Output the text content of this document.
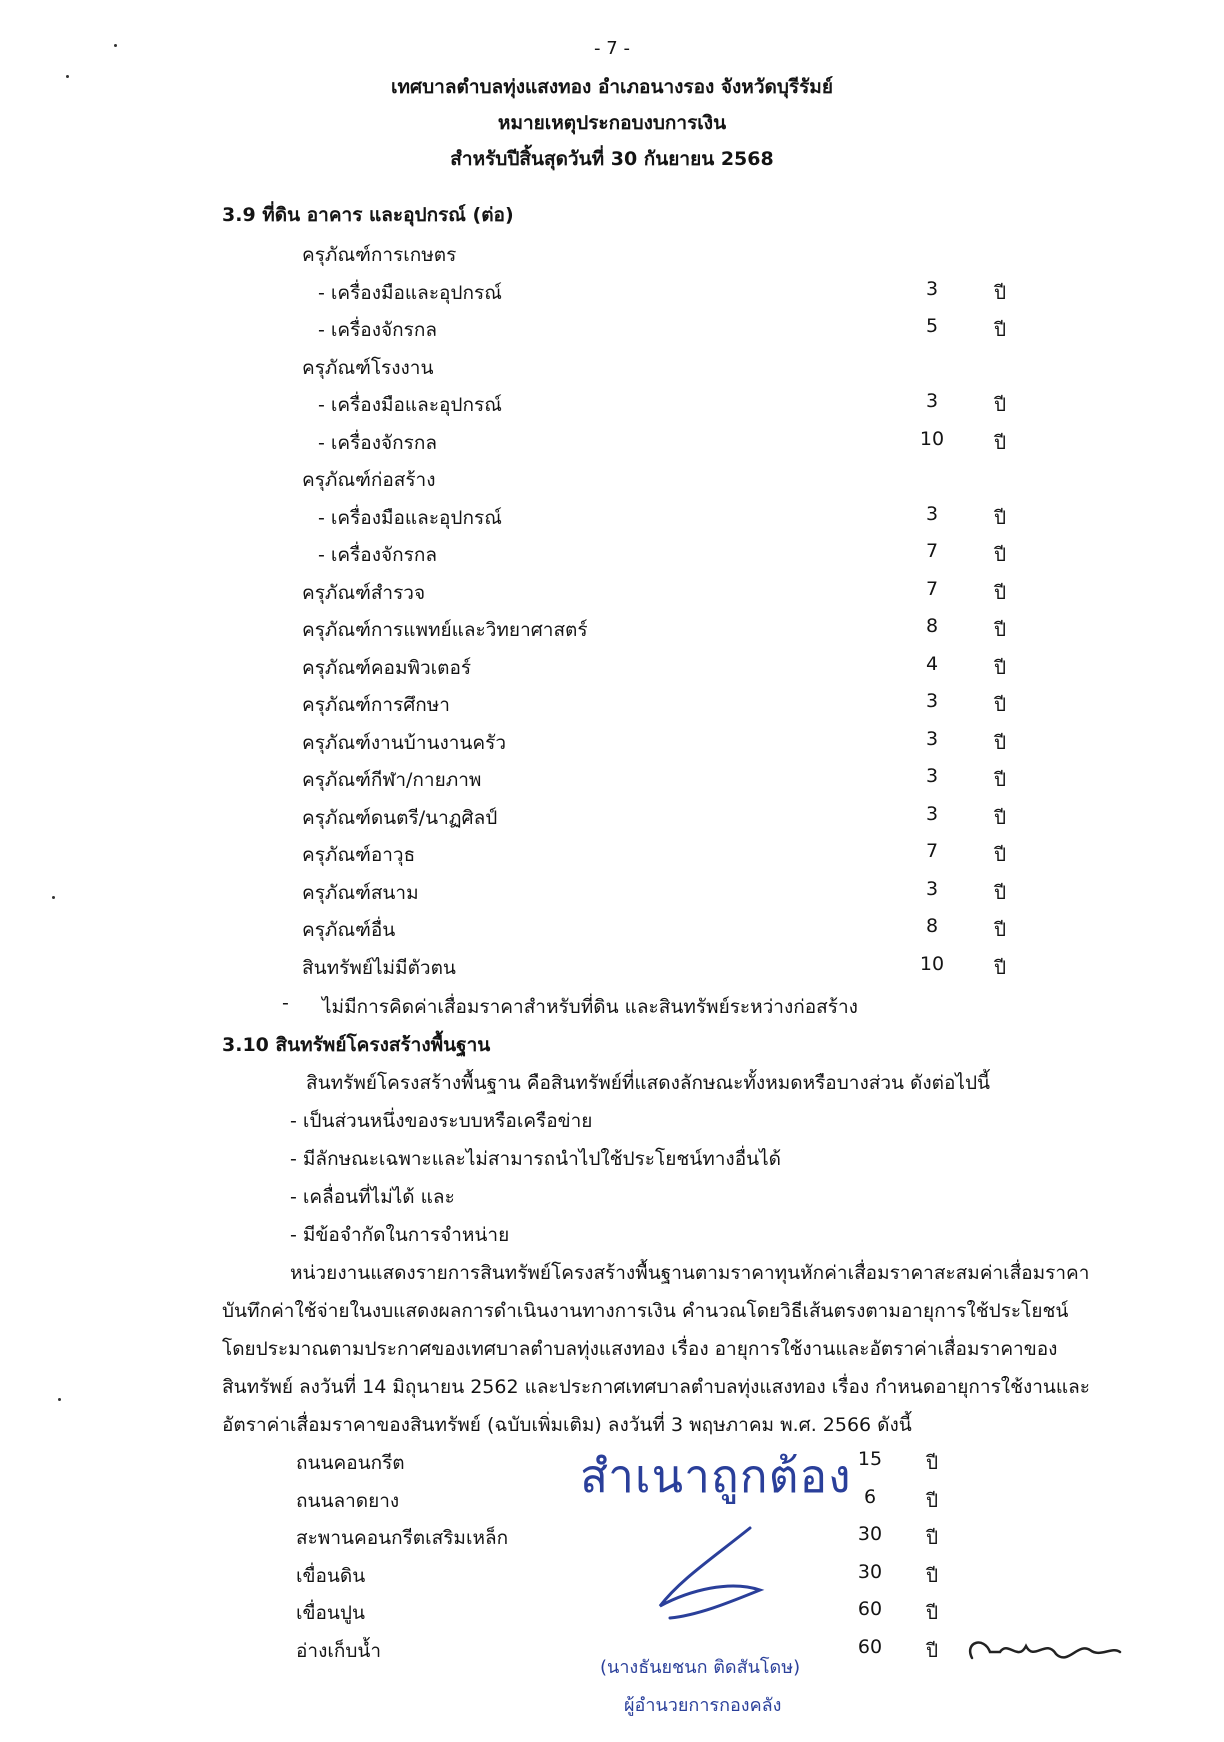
- 7 -
เทศบาลตำบลทุ่งแสงทอง อำเภอนางรอง จังหวัดบุรีรัมย์
หมายเหตุประกอบงบการเงิน
สำหรับปีสิ้นสุดวันที่ 30 กันยายน 2568
3.9 ที่ดิน อาคาร และอุปกรณ์ (ต่อ)
ครุภัณฑ์การเกษตร
- เครื่องมือและอุปกรณ์	3	ปี
- เครื่องจักรกล	5	ปี
ครุภัณฑ์โรงงาน
- เครื่องมือและอุปกรณ์	3	ปี
- เครื่องจักรกล	10	ปี
ครุภัณฑ์ก่อสร้าง
- เครื่องมือและอุปกรณ์	3	ปี
- เครื่องจักรกล	7	ปี
ครุภัณฑ์สำรวจ	7	ปี
ครุภัณฑ์การแพทย์และวิทยาศาสตร์	8	ปี
ครุภัณฑ์คอมพิวเตอร์	4	ปี
ครุภัณฑ์การศึกษา	3	ปี
ครุภัณฑ์งานบ้านงานครัว	3	ปี
ครุภัณฑ์กีฬา/กายภาพ	3	ปี
ครุภัณฑ์ดนตรี/นาฏศิลป์	3	ปี
ครุภัณฑ์อาวุธ	7	ปี
ครุภัณฑ์สนาม	3	ปี
ครุภัณฑ์อื่น	8	ปี
สินทรัพย์ไม่มีตัวตน	10	ปี
- ไม่มีการคิดค่าเสื่อมราคาสำหรับที่ดิน และสินทรัพย์ระหว่างก่อสร้าง
3.10 สินทรัพย์โครงสร้างพื้นฐาน
สินทรัพย์โครงสร้างพื้นฐาน คือสินทรัพย์ที่แสดงลักษณะทั้งหมดหรือบางส่วน ดังต่อไปนี้
- เป็นส่วนหนึ่งของระบบหรือเครือข่าย
- มีลักษณะเฉพาะและไม่สามารถนำไปใช้ประโยชน์ทางอื่นได้
- เคลื่อนที่ไม่ได้ และ
- มีข้อจำกัดในการจำหน่าย
หน่วยงานแสดงรายการสินทรัพย์โครงสร้างพื้นฐานตามราคาทุนหักค่าเสื่อมราคาสะสมค่าเสื่อมราคา
บันทึกค่าใช้จ่ายในงบแสดงผลการดำเนินงานทางการเงิน คำนวณโดยวิธีเส้นตรงตามอายุการใช้ประโยชน์
โดยประมาณตามประกาศของเทศบาลตำบลทุ่งแสงทอง เรื่อง อายุการใช้งานและอัตราค่าเสื่อมราคาของ
สินทรัพย์ ลงวันที่ 14 มิถุนายน 2562 และประกาศเทศบาลตำบลทุ่งแสงทอง เรื่อง กำหนดอายุการใช้งานและ
อัตราค่าเสื่อมราคาของสินทรัพย์ (ฉบับเพิ่มเติม) ลงวันที่ 3 พฤษภาคม พ.ศ. 2566 ดังนี้
ถนนคอนกรีต	15	ปี
ถนนลาดยาง	6	ปี
สะพานคอนกรีตเสริมเหล็ก	30	ปี
เขื่อนดิน	30	ปี
เขื่อนปูน	60	ปี
อ่างเก็บน้ำ	60	ปี
สำเนาถูกต้อง
(นางธันยชนก ติดสันโดษ)
ผู้อำนวยการกองคลัง
